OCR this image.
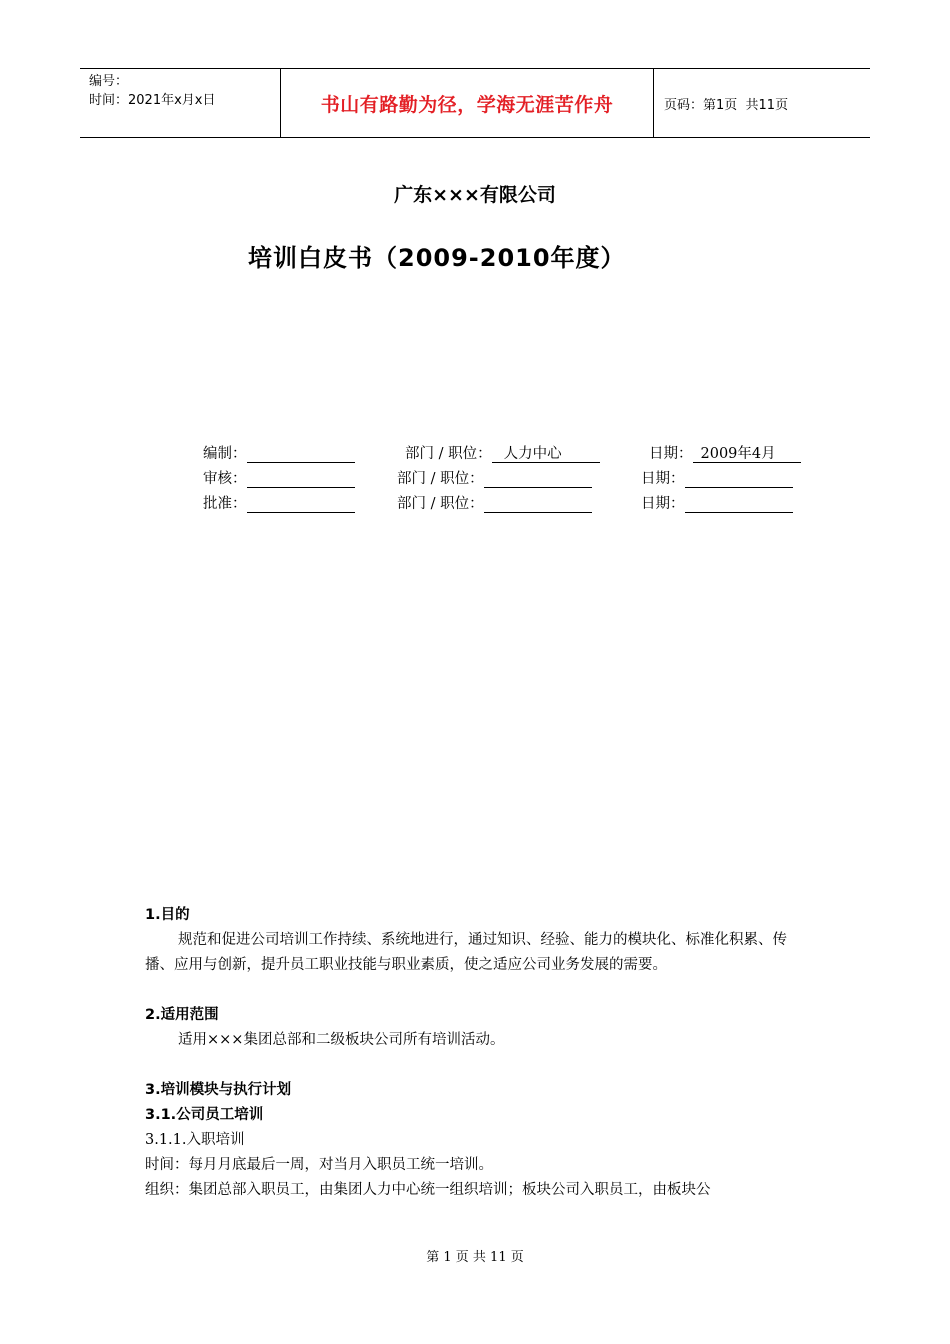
编号：
时间：2021年x月x日	书山有路勤为径，学海无涯苦作舟	页码：第1页  共11页
广东×××有限公司
培训白皮书（2009-2010年度）
编制：	部门 / 职位： 人力中心	日期： 2009年4月
审核：	部门 / 职位：	日期：
批准：	部门 / 职位：	日期：
1.目的
规范和促进公司培训工作持续、系统地进行，通过知识、经验、能力的模块化、标准化积累、传播、应用与创新，提升员工职业技能与职业素质，使之适应公司业务发展的需要。
2.适用范围
适用×××集团总部和二级板块公司所有培训活动。
3.培训模块与执行计划
3.1.公司员工培训
3.1.1.入职培训
时间：每月月底最后一周，对当月入职员工统一培训。
组织：集团总部入职员工，由集团人力中心统一组织培训；板块公司入职员工，由板块公
第 1 页 共 11 页
